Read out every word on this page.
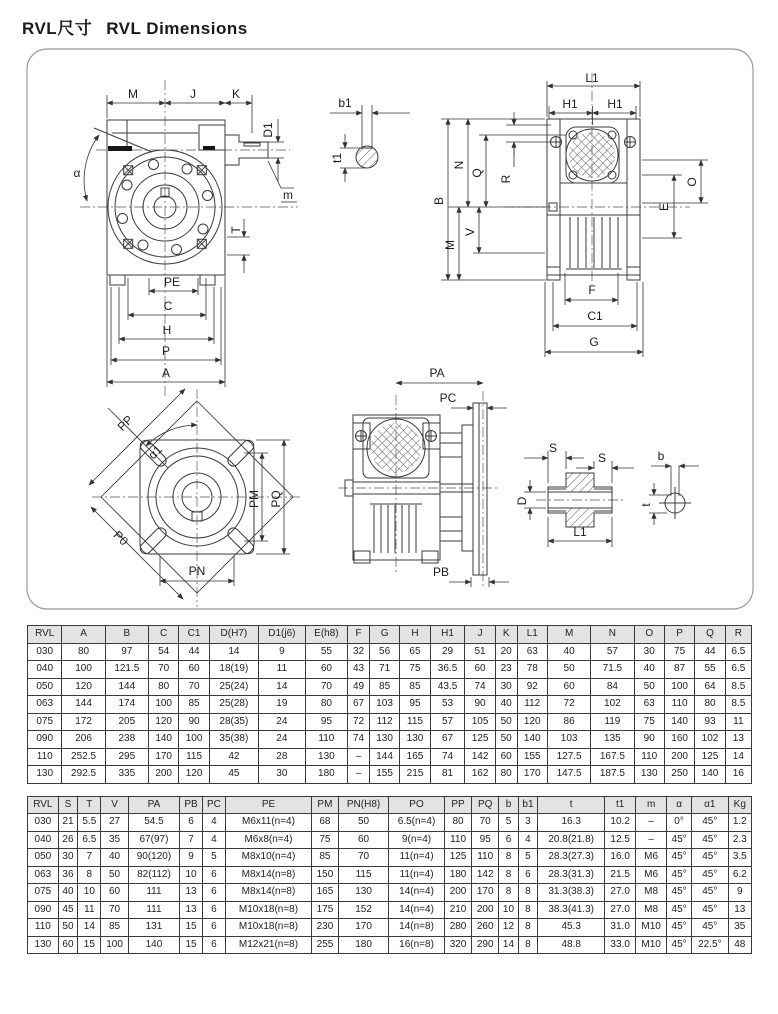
RVL尺寸 RVL Dimensions
M	J	K
D1
m
α
T
PE
C
H
P
A
b1
t1
L1
H1 H1
B
N
M
Q
V
R	O
E
F
C1
G
PP
P0
α1
PM PQ
PN
PA
PC
PB
S
S
D
L1
b
t
RVL	A	B	C	C1	D(H7)	D1(j6)	E(h8)	F	G	H	H1	J	K	L1	M	N	O	P	Q	R
030	80	97	54	44	14	9	55	32	56	65	29	51	20	63	40	57	30	75	44	6.5
040	100	121.5	70	60	18(19)	11	60	43	71	75	36.5	60	23	78	50	71.5	40	87	55	6.5
050	120	144	80	70	25(24)	14	70	49	85	85	43.5	74	30	92	60	84	50	100	64	8.5
063	144	174	100	85	25(28)	19	80	67	103	95	53	90	40	112	72	102	63	110	80	8.5
075	172	205	120	90	28(35)	24	95	72	112	115	57	105	50	120	86	119	75	140	93	11
090	206	238	140	100	35(38)	24	110	74	130	130	67	125	50	140	103	135	90	160	102	13
110	252.5	295	170	115	42	28	130	–	144	165	74	142	60	155	127.5	167.5	110	200	125	14
130	292.5	335	200	120	45	30	180	–	155	215	81	162	80	170	147.5	187.5	130	250	140	16
RVL	S	T	V	PA	PB	PC	PE	PM	PN(H8)	PO	PP	PQ	b	b1	t	t1	m	α	α1	Kg
030	21	5.5	27	54.5	6	4	M6x11(n=4)	68	50	6.5(n=4)	80	70	5	3	16.3	10.2	–	0°	45°	1.2
040	26	6.5	35	67(97)	7	4	M6x8(n=4)	75	60	9(n=4)	110	95	6	4	20.8(21.8)	12.5	–	45°	45°	2.3
050	30	7	40	90(120)	9	5	M8x10(n=4)	85	70	11(n=4)	125	110	8	5	28.3(27.3)	16.0	M6	45°	45°	3.5
063	36	8	50	82(112)	10	6	M8x14(n=8)	150	115	11(n=4)	180	142	8	6	28.3(31.3)	21.5	M6	45°	45°	6.2
075	40	10	60	111	13	6	M8x14(n=8)	165	130	14(n=4)	200	170	8	8	31.3(38.3)	27.0	M8	45°	45°	9
090	45	11	70	111	13	6	M10x18(n=8)	175	152	14(n=4)	210	200	10	8	38.3(41.3)	27.0	M8	45°	45°	13
110	50	14	85	131	15	6	M10x18(n=8)	230	170	14(n=8)	280	260	12	8	45.3	31.0	M10	45°	45°	35
130	60	15	100	140	15	6	M12x21(n=8)	255	180	16(n=8)	320	290	14	8	48.8	33.0	M10	45°	22.5°	48
